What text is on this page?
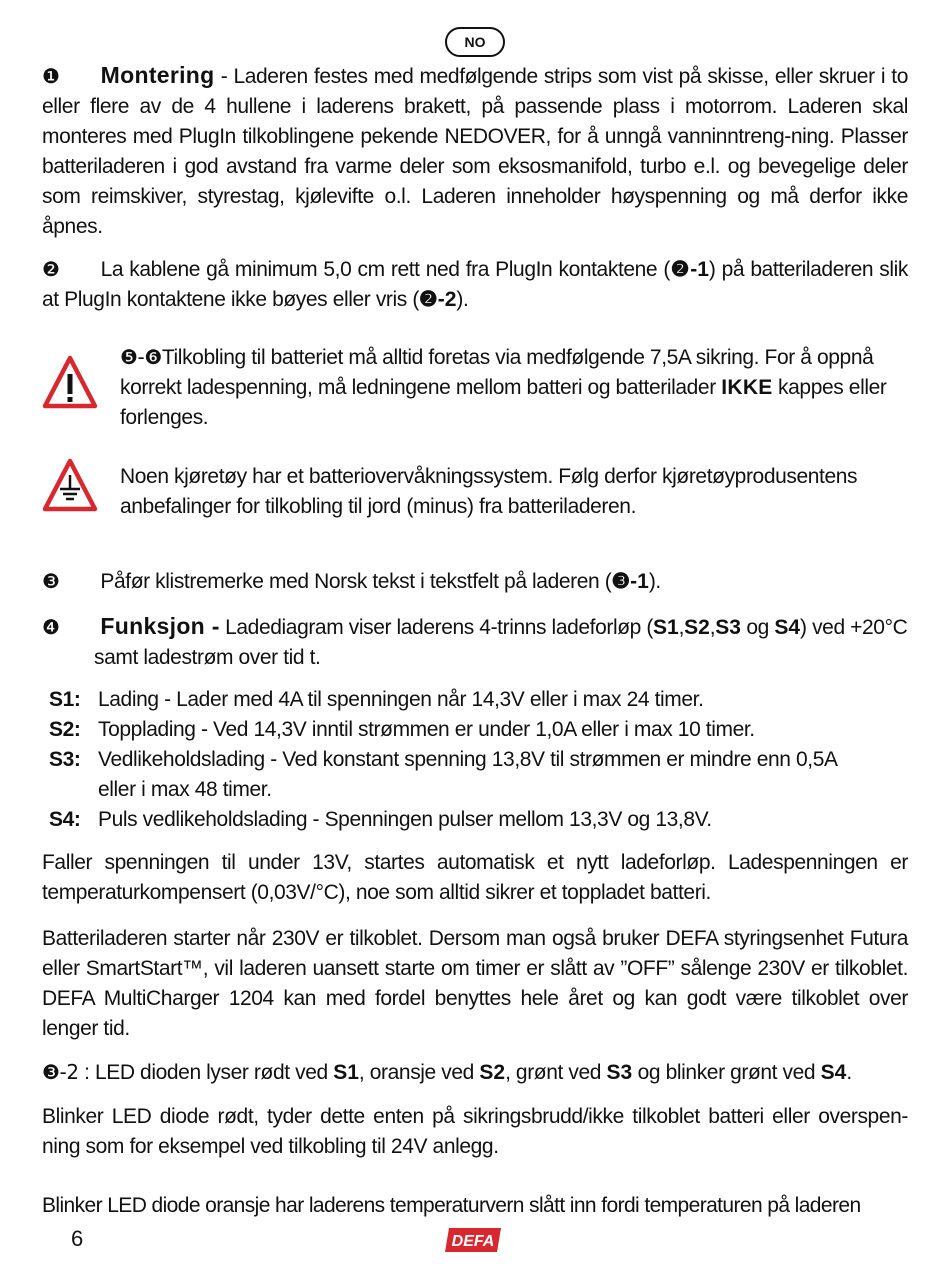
NO
❶ Montering - Laderen festes med medfølgende strips som vist på skisse, eller skruer i to eller flere av de 4 hullene i laderens brakett, på passende plass i motorrom. Laderen skal monteres med PlugIn tilkoblingene pekende NEDOVER, for å unngå vanninntreng-ning. Plasser batteriladeren i god avstand fra varme deler som eksosmanifold, turbo e.l. og bevegelige deler som reimskiver, styrestag, kjølevifte o.l. Laderen inneholder høyspenning og må derfor ikke åpnes.
❷ La kablene gå minimum 5,0 cm rett ned fra PlugIn kontaktene (❷-1) på batteriladeren slik at PlugIn kontaktene ikke bøyes eller vris (❷-2).
❺-❻Tilkobling til batteriet må alltid foretas via medfølgende 7,5A sikring. For å oppnå korrekt ladespenning, må ledningene mellom batteri og batterilader IKKE kappes eller forlenges.
Noen kjøretøy har et batteriovervåkningssystem. Følg derfor kjøretøyprodusentens anbefalinger for tilkobling til jord (minus) fra batteriladeren.
❸ Påfør klistremerke med Norsk tekst i tekstfelt på laderen (❸-1).
❹ Funksjon - Ladediagram viser laderens 4-trinns ladeforløp (S1,S2,S3 og S4) ved +20°C samt ladestrøm over tid t.
S1: Lading - Lader med 4A til spenningen når 14,3V eller i max 24 timer.
S2: Topplading - Ved 14,3V inntil strømmen er under 1,0A eller i max 10 timer.
S3: Vedlikeholdslading - Ved konstant spenning 13,8V til strømmen er mindre enn 0,5A eller i max 48 timer.
S4: Puls vedlikeholdslading - Spenningen pulser mellom 13,3V og 13,8V.
Faller spenningen til under 13V, startes automatisk et nytt ladeforløp. Ladespenningen er temperaturkompensert (0,03V/°C), noe som alltid sikrer et toppladet batteri.
Batteriladeren starter når 230V er tilkoblet. Dersom man også bruker DEFA styringsenhet Futura eller SmartStart™, vil laderen uansett starte om timer er slått av ”OFF” sålenge 230V er tilkoblet. DEFA MultiCharger 1204 kan med fordel benyttes hele året og kan godt være tilkoblet over lenger tid.
❸-2 : LED dioden lyser rødt ved S1, oransje ved S2, grønt ved S3 og blinker grønt ved S4.
Blinker LED diode rødt, tyder dette enten på sikringsbrudd/ikke tilkoblet batteri eller overspen-ning som for eksempel ved tilkobling til 24V anlegg.
Blinker LED diode oransje har laderens temperaturvern slått inn fordi temperaturen på laderen
6	DEFA
